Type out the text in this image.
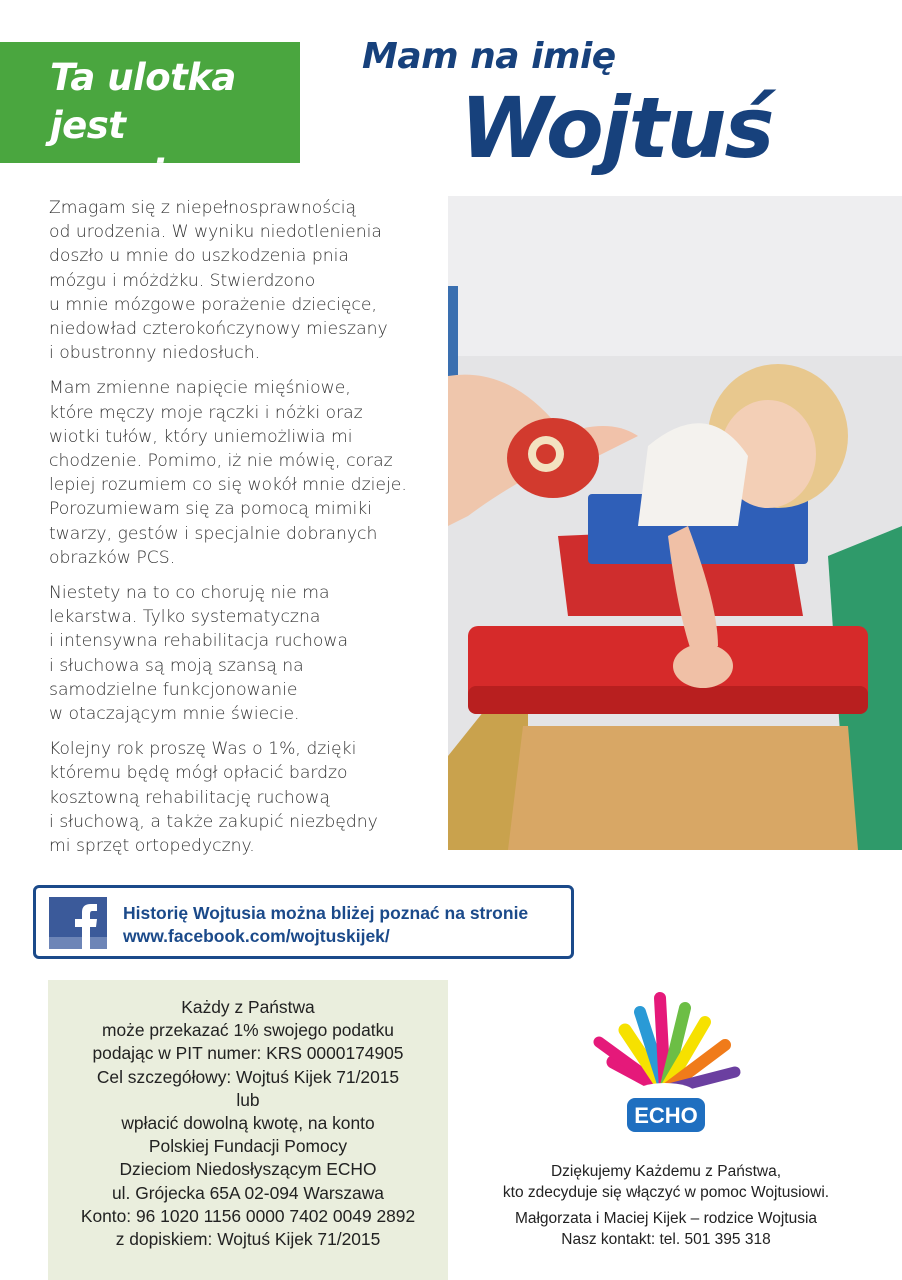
Ta ulotka jest
o mnie.
Mam na imię
Wojtuś

Zmagam się z niepełnosprawnością
od urodzenia. W wyniku niedotlenienia
doszło u mnie do uszkodzenia pnia
mózgu i móżdżku. Stwierdzono
u mnie mózgowe porażenie dziecięce,
niedowład czterokończynowy mieszany
i obustronny niedosłuch.

Mam zmienne napięcie mięśniowe,
które męczy moje rączki i nóżki oraz
wiotki tułów, który uniemożliwia mi
chodzenie. Pomimo, iż nie mówię, coraz
lepiej rozumiem co się wokół mnie dzieje.
Porozumiewam się za pomocą mimiki
twarzy, gestów i specjalnie dobranych
obrazków PCS.

Niestety na to co choruję nie ma
lekarstwa. Tylko systematyczna
i intensywna rehabilitacja ruchowa
i słuchowa są moją szansą na
samodzielne funkcjonowanie
w otaczającym mnie świecie.

Kolejny rok proszę Was o 1%, dzięki
któremu będę mógł opłacić bardzo
kosztowną rehabilitację ruchową
i słuchową, a także zakupić niezbędny
mi sprzęt ortopedyczny.

Historię Wojtusia można bliżej poznać na stronie
www.facebook.com/wojtuskijek/
Każdy z Państwa
może przekazać 1% swojego podatku
podając w PIT numer: KRS 0000174905
Cel szczegółowy: Wojtuś Kijek 71/2015
lub
wpłacić dowolną kwotę, na konto
Polskiej Fundacji Pomocy
Dzieciom Niedosłyszącym ECHO
ul. Grójecka 65A 02-094 Warszawa
Konto: 96 1020 1156 0000 7402 0049 2892
z dopiskiem: Wojtuś Kijek 71/2015
ECHO
Dziękujemy Każdemu z Państwa,
kto zdecyduje się włączyć w pomoc Wojtusiowi.
Małgorzata i Maciej Kijek – rodzice Wojtusia
Nasz kontakt: tel. 501 395 318
